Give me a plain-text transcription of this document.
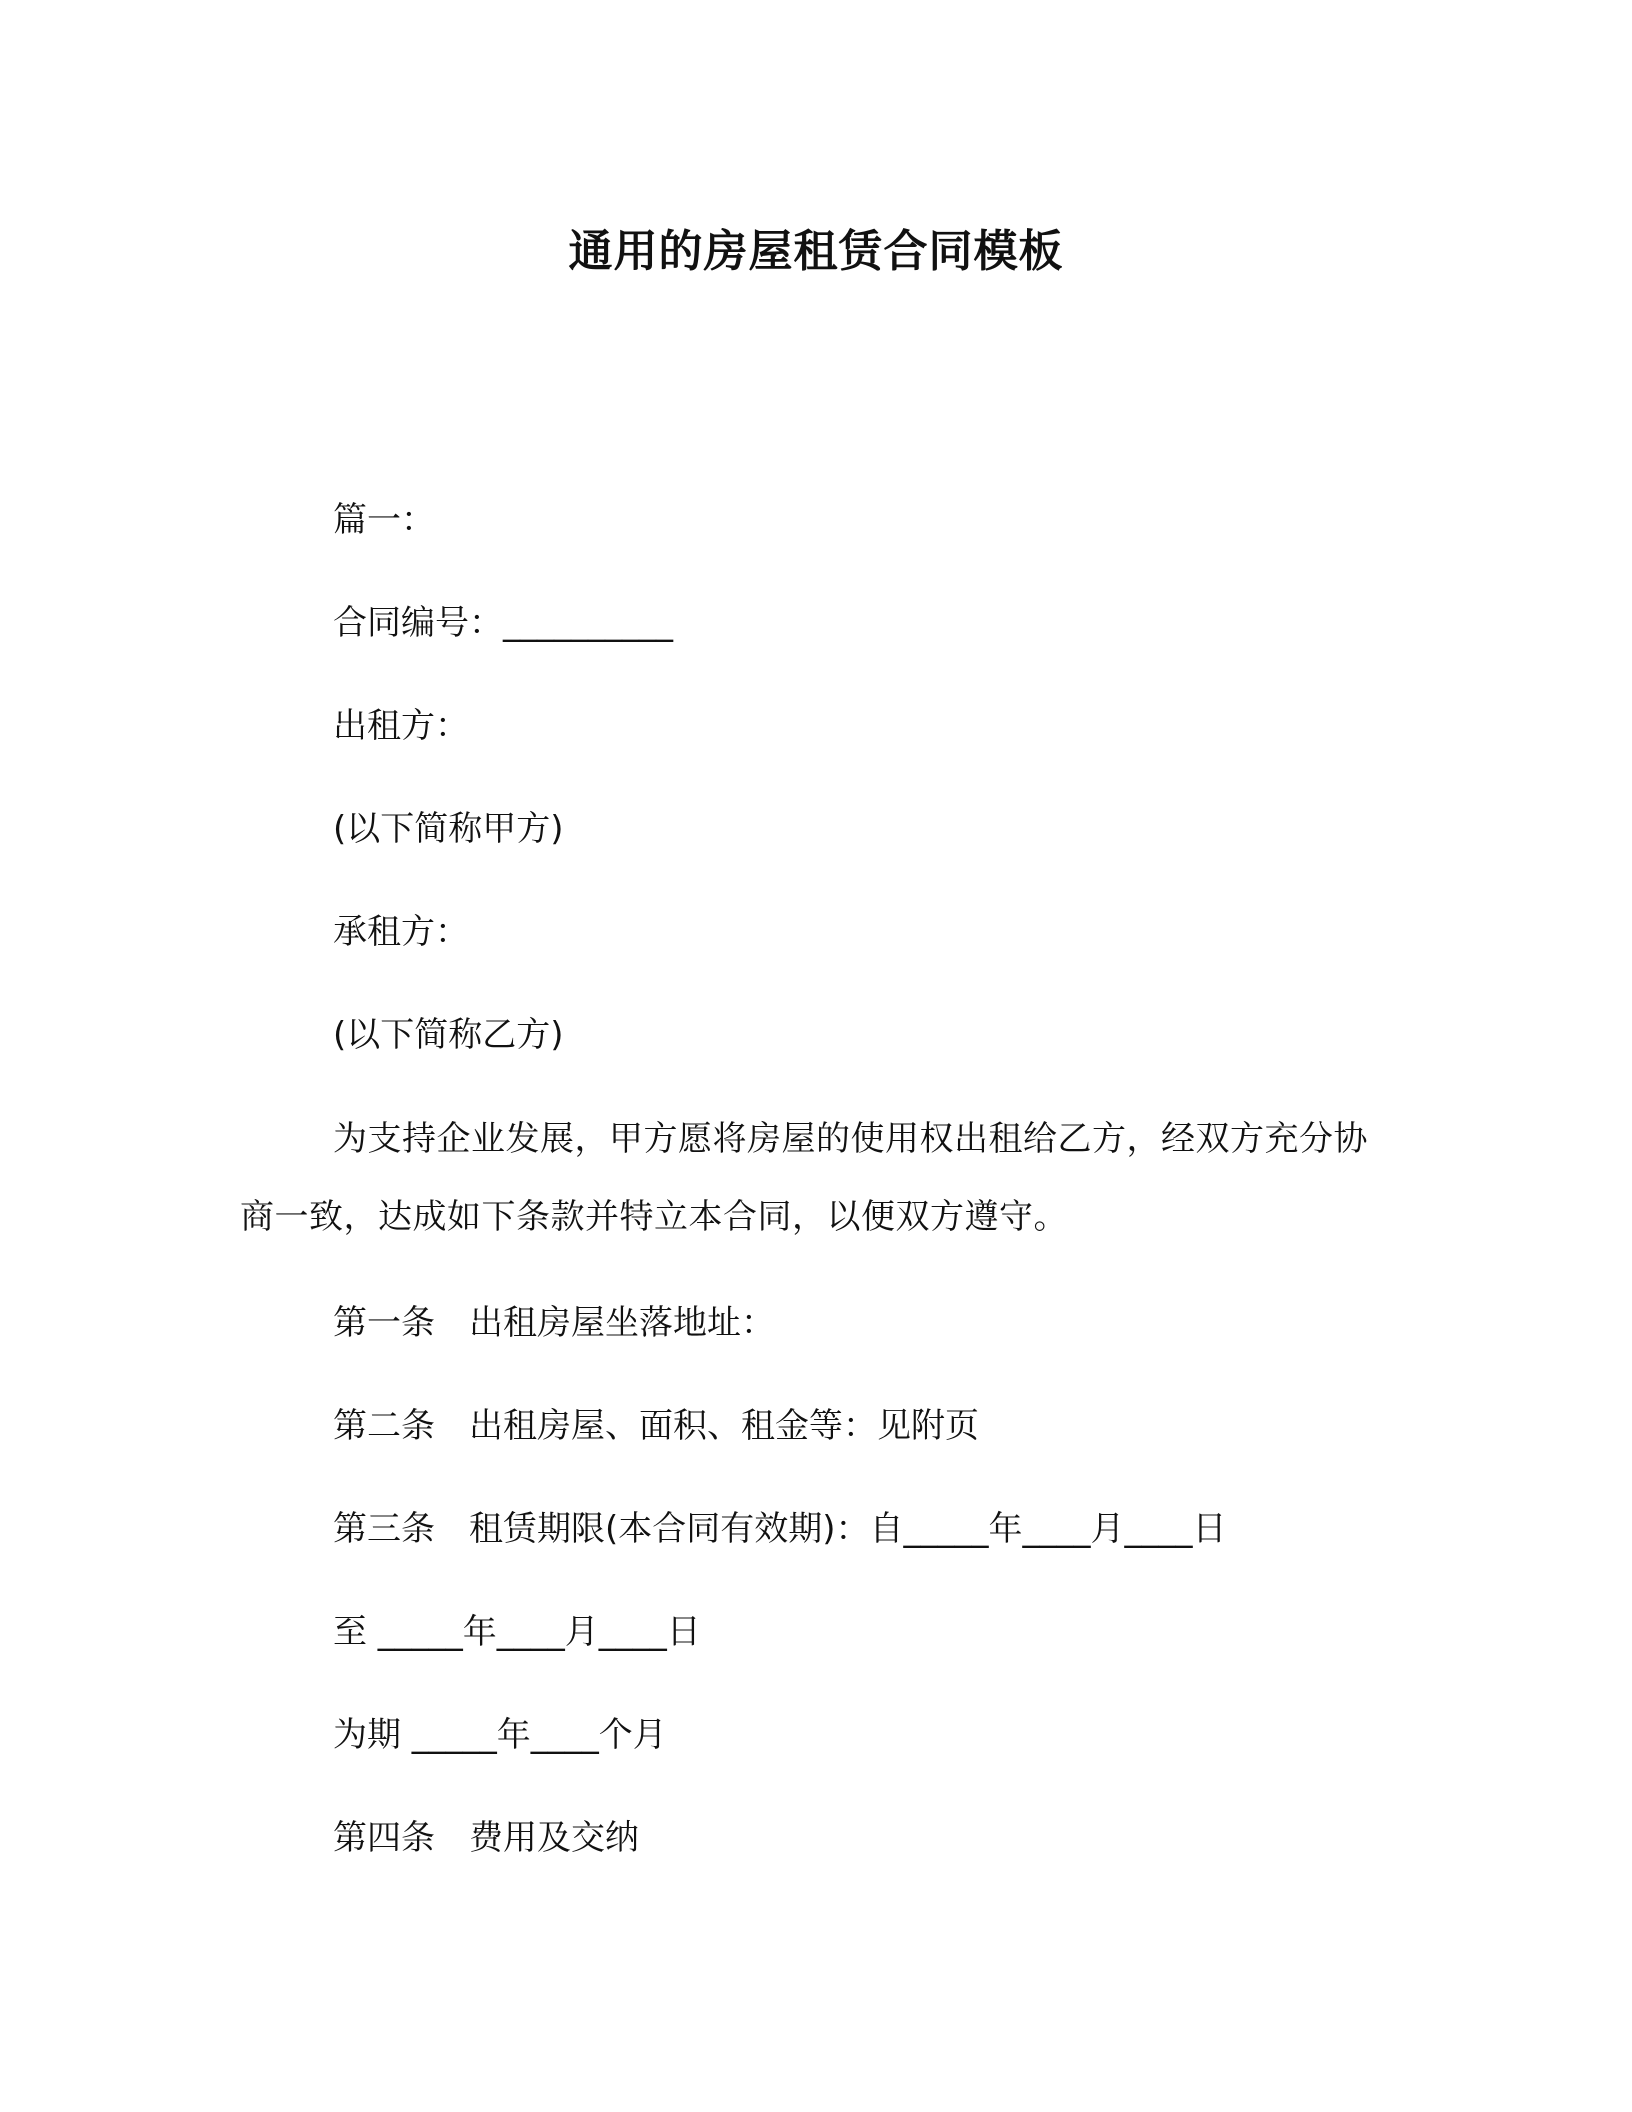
通用的房屋租赁合同模板
篇一：
合同编号：__________
出租方：
(以下简称甲方)
承租方：
(以下简称乙方)
为支持企业发展，甲方愿将房屋的使用权出租给乙方，经双方充分协商一致，达成如下条款并特立本合同，以便双方遵守。
第一条　出租房屋坐落地址：
第二条　出租房屋、面积、租金等：见附页
第三条　租赁期限(本合同有效期)：自_____年____月____日
至 _____年____月____日
为期 _____年____个月
第四条　费用及交纳
